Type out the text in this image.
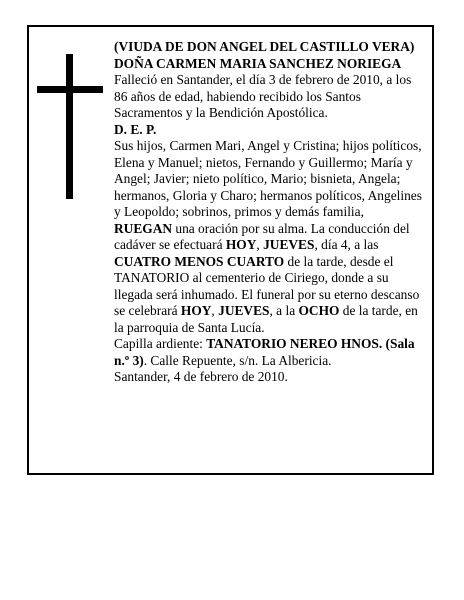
(VIUDA DE DON ANGEL DEL CASTILLO VERA)

DOÑA CARMEN MARIA SANCHEZ NORIEGA

Falleció en Santander, el día 3 de febrero de 2010, a los 86 años de edad, habiendo recibido los Santos Sacramentos y la Bendición Apostólica.

D. E. P.

Sus hijos, Carmen Mari, Angel y Cristina; hijos políticos, Elena y Manuel; nietos, Fernando y Guillermo; María y Angel; Javier; nieto político, Mario; bisnieta, Angela; hermanos, Gloria y Charo; hermanos políticos, Angelines y Leopoldo; sobrinos, primos y demás familia,

RUEGAN una oración por su alma. La conducción del cadáver se efectuará HOY, JUEVES, día 4, a las CUATRO MENOS CUARTO de la tarde, desde el TANATORIO al cementerio de Ciriego, donde a su llegada será inhumado. El funeral por su eterno descanso se celebrará HOY, JUEVES, a la OCHO de la tarde, en la parroquia de Santa Lucía.

Capilla ardiente: TANATORIO NEREO HNOS. (Sala n.º 3). Calle Repuente, s/n. La Albericia.

Santander, 4 de febrero de 2010.
